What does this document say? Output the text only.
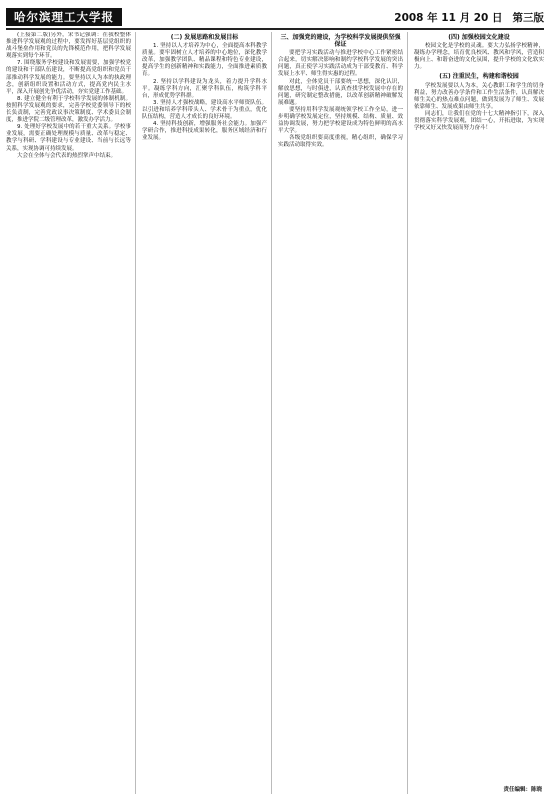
哈尔滨理工大学报	2008 年 11 月 20 日 第三版

(上接第二版)另外，宋书记强调：在我校整体推进科学发展观的过程中，要发挥好基层党组织的战斗堡垒作用和党员的先锋模范作用，把科学发展观落实到每个环节。

7. 围绕服务学校建设和发展需要，加强学校党的建设和干部队伍建设，不断提高党组织和党员干部推动科学发展的能力。要坚持以人为本的执政理念，创新组织设置和活动方式，提高党内民主水平，深入开展创先争优活动，夯实党建工作基础。

8. 建立健全有利于学校科学发展的体制机制。按照科学发展观的要求，完善学校党委领导下的校长负责制，完善党政议事决策制度、学术委员会制度，推进学院二级管理改革，激发办学活力。

9. 处理好学校发展中的若干重大关系。学校事业发展，需要正确处理规模与质量、改革与稳定、教学与科研、学科建设与专业建设、当前与长远等关系，实现协调可持续发展。

大会在全体与会代表的热烈掌声中结束。

(二) 发展思路和发展目标

1. 坚持以人才培养为中心，全面提高本科教学质量。要牢固树立人才培养的中心地位，深化教学改革，加强教学团队、精品课程和特色专业建设，提高学生的创新精神和实践能力，全面推进素质教育。

2. 坚持以学科建设为龙头，着力提升学科水平。凝练学科方向，汇聚学科队伍，构筑学科平台，形成优势学科群。

3. 坚持人才强校战略，建设高水平师资队伍。以引进和培养学科带头人、学术骨干为重点，优化队伍结构，营造人才成长的良好环境。

4. 坚持科技创新，增强服务社会能力。加强产学研合作，推进科技成果转化，服务区域经济和行业发展。

三、加强党的建设，为学校科学发展提供坚强保证

要把学习实践活动与推进学校中心工作紧密结合起来，切实解决影响和制约学校科学发展的突出问题，真正使学习实践活动成为干部受教育、科学发展上水平、师生得实惠的过程。

对此，全体党员干部要统一思想，深化认识，解放思想，与时俱进，认真查找学校发展中存在的问题，研究制定整改措施，以改革创新精神破解发展难题。

要坚持用科学发展观统领学校工作全局，进一步明确学校发展定位，坚持规模、结构、质量、效益协调发展，努力把学校建设成为特色鲜明的高水平大学。

各级党组织要高度重视，精心组织，确保学习实践活动取得实效。

(四) 加强校园文化建设

校园文化是学校的灵魂。要大力弘扬学校精神，凝练办学理念，培育优良校风、教风和学风，营造积极向上、和谐奋进的文化氛围，提升学校的文化软实力。

(五) 注重民生，构建和谐校园

学校发展要以人为本，关心教职工和学生的切身利益，努力改善办学条件和工作生活条件，认真解决师生关心的热点难点问题，做到发展为了师生、发展依靠师生、发展成果由师生共享。

同志们，让我们在党的十七大精神指引下，深入贯彻落实科学发展观，团结一心，开拓进取，为实现学校又好又快发展而努力奋斗！

责任编辑：陈晓
